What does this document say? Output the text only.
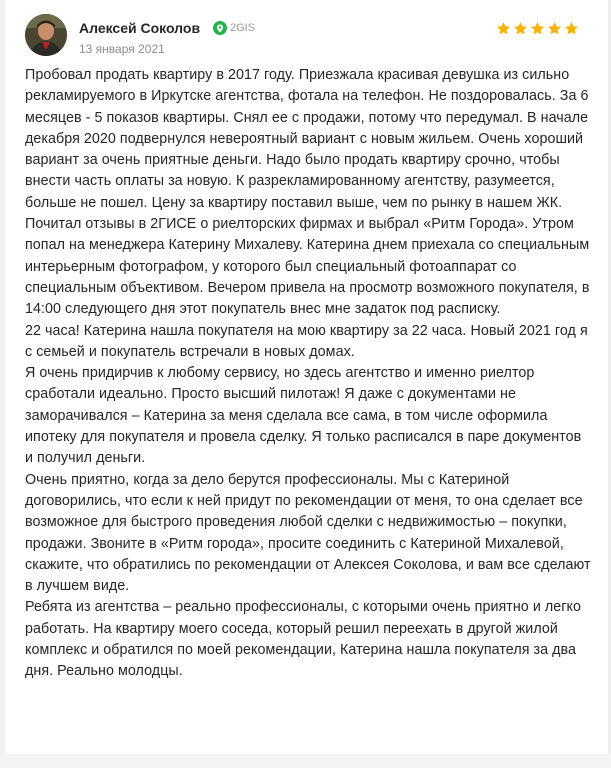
Алексей Соколов	2GIS
13 января 2021
Пробовал продать квартиру в 2017 году. Приезжала красивая девушка из сильно рекламируемого в Иркутске агентства, фотала на телефон. Не поздоровалась. За 6 месяцев - 5 показов квартиры. Снял ее с продажи, потому что передумал. В начале декабря 2020 подвернулся невероятный вариант с новым жильем. Очень хороший вариант за очень приятные деньги. Надо было продать квартиру срочно, чтобы внести часть оплаты за новую. К разрекламированному агентству, разумеется, больше не пошел. Цену за квартиру поставил выше, чем по рынку в нашем ЖК. Почитал отзывы в 2ГИСЕ о риелторских фирмах и выбрал «Ритм Города». Утром попал на менеджера Катерину Михалеву. Катерина днем приехала со специальным интерьерным фотографом, у которого был специальный фотоаппарат со специальным объективом. Вечером привела на просмотр возможного покупателя, в 14:00 следующего дня этот покупатель внес мне задаток под расписку.
22 часа! Катерина нашла покупателя на мою квартиру за 22 часа. Новый 2021 год я с семьей и покупатель встречали в новых домах.
Я очень придирчив к любому сервису, но здесь агентство и именно риелтор сработали идеально. Просто высший пилотаж! Я даже с документами не заморачивался – Катерина за меня сделала все сама, в том числе оформила ипотеку для покупателя и провела сделку. Я только расписался в паре документов и получил деньги.
Очень приятно, когда за дело берутся профессионалы. Мы с Катериной договорились, что если к ней придут по рекомендации от меня, то она сделает все возможное для быстрого проведения любой сделки с недвижимостью – покупки, продажи. Звоните в «Ритм города», просите соединить с Катериной Михалевой, скажите, что обратились по рекомендации от Алексея Соколова, и вам все сделают в лучшем виде.
Ребята из агентства – реально профессионалы, с которыми очень приятно и легко работать. На квартиру моего соседа, который решил переехать в другой жилой комплекс и обратился по моей рекомендации, Катерина нашла покупателя за два дня. Реально молодцы.
